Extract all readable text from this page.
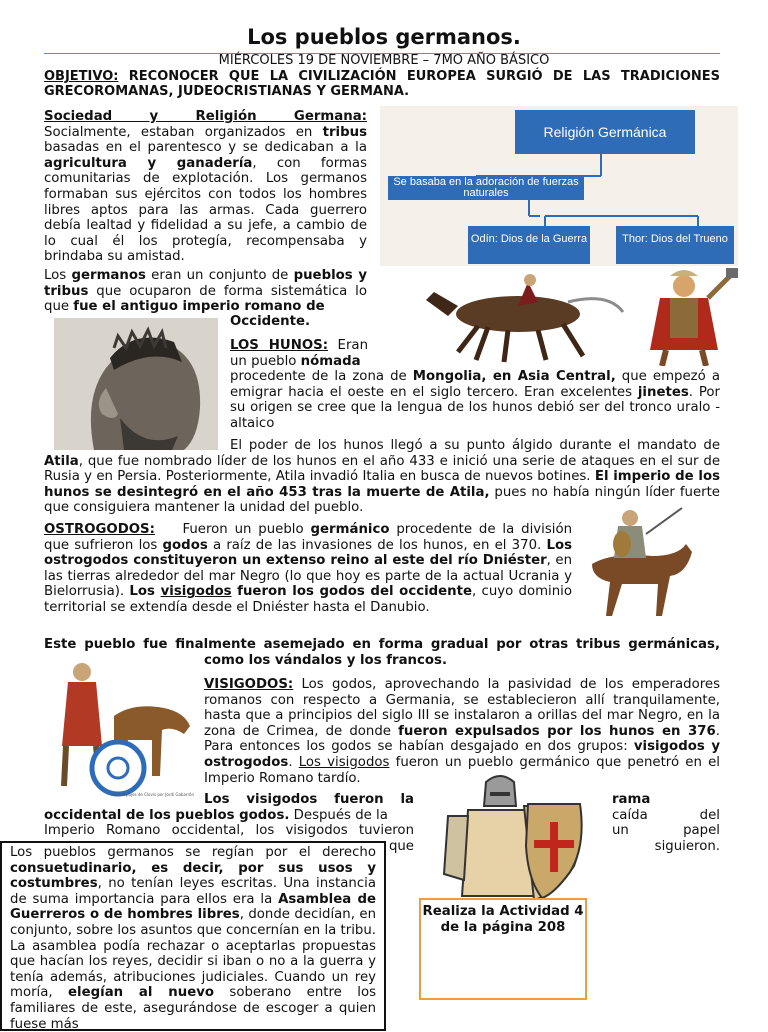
Los pueblos germanos.
MIÉRCOLES 19 DE NOVIEMBRE – 7MO AÑO BÁSICO
OBJETIVO: RECONOCER QUE LA CIVILIZACIÓN EUROPEA SURGIÓ DE LAS TRADICIONES GRECOROMANAS, JUDEOCRISTIANAS Y GERMANA.
Sociedad y Religión Germana:
Socialmente, estaban organizados en tribus basadas en el parentesco y se dedicaban a la agricultura y ganadería, con formas comunitarias de explotación. Los germanos formaban sus ejércitos con todos los hombres libres aptos para las armas. Cada guerrero debía lealtad y fidelidad a su jefe, a cambio de lo cual él los protegía, recompensaba y brindaba su amistad.
Los germanos eran un conjunto de pueblos y tribus que ocuparon de forma sistemática lo que fue el antiguo imperio romano de
Occidente.
Religión Germánica
Se basaba en la adoración de fuerzas naturales
Odín: Dios de la Guerra	Thor: Dios del Trueno
LOS HUNOS: Eran un pueblo nómada
procedente de la zona de Mongolia, en Asia Central, que empezó a emigrar hacia el oeste en el siglo tercero. Eran excelentes jinetes. Por su origen se cree que la lengua de los hunos debió ser del tronco uralo - altaico
El poder de los hunos llegó a su punto álgido durante el mandato de Atila, que fue nombrado líder de los hunos en el año 433 e inició una serie de ataques en el sur de Rusia y en Persia. Posteriormente, Atila invadió Italia en busca de nuevos botines. El imperio de los hunos se desintegró en el año 453 tras la muerte de Atila, pues no había ningún líder fuerte que consiguiera mantener la unidad del pueblo.
OSTROGODOS:    Fueron un pueblo germánico procedente de la división que sufrieron los godos a raíz de las invasiones de los hunos, en el 370. Los ostrogodos constituyeron un extenso reino al este del río Dniéster, en las tierras alrededor del mar Negro (lo que hoy es parte de la actual Ucrania y Bielorrusia). Los visigodos fueron los godos del occidente, cuyo dominio territorial se extendía desde el Dniéster hasta el Danubio.
Este pueblo fue finalmente asemejado en forma gradual por otras tribus germánicas,
como los vándalos y los francos.
Los ropajes de Clovis por Jordi Gabarrón
VISIGODOS: Los godos, aprovechando la pasividad de los emperadores romanos con respecto a Germania, se establecieron allí tranquilamente, hasta que a principios del siglo III se instalaron a orillas del mar Negro, en la zona de Crimea, de donde fueron expulsados por los hunos en 376. Para entonces los godos se habían desgajado en dos grupos: visigodos y ostrogodos. Los visigodos fueron un pueblo germánico que penetró en el Imperio Romano tardío.
Los visigodos fueron la
occidental de los pueblos godos. Después de la
Imperio Romano occidental, los visigodos tuvieron
que
rama
caída   del
un   papel
siguieron.
Los pueblos germanos se regían por el derecho consuetudinario, es decir, por sus usos y costumbres, no tenían leyes escritas. Una instancia de suma importancia para ellos era la Asamblea de Guerreros o de hombres libres, donde decidían, en conjunto, sobre los asuntos que concernían en la tribu. La asamblea podía rechazar o aceptarlas propuestas que hacían los reyes, decidir si iban o no a la guerra y tenía además, atribuciones judiciales. Cuando un rey moría, elegían al nuevo soberano entre los familiares de este, asegurándose de escoger a quien fuese más
Realiza la Actividad 4 de la página 208
